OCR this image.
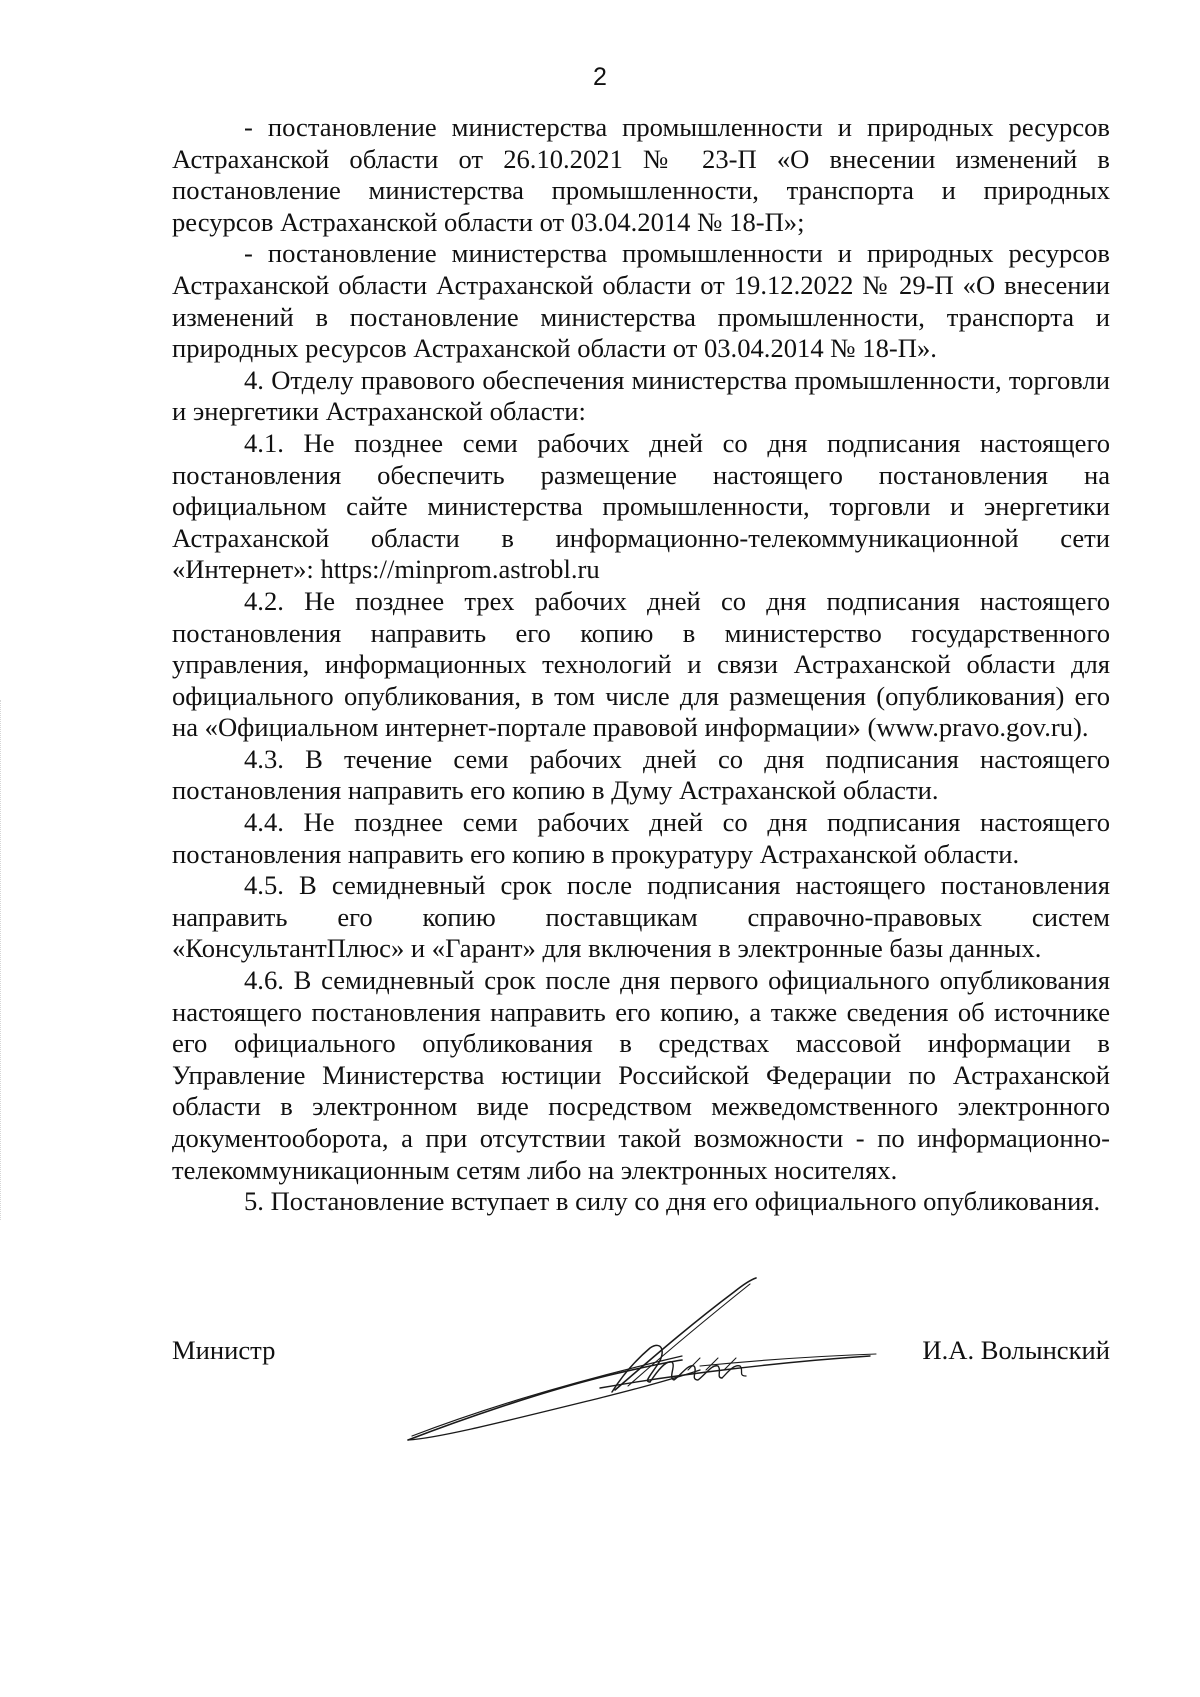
2

- постановление министерства промышленности и природных ресурсов Астраханской области от 26.10.2021 № 23-П «О внесении изменений в постановление министерства промышленности, транспорта и природных ресурсов Астраханской области от 03.04.2014 № 18-П»;

- постановление министерства промышленности и природных ресурсов Астраханской области Астраханской области от 19.12.2022 № 29-П «О внесении изменений в постановление министерства промышленности, транспорта и природных ресурсов Астраханской области от 03.04.2014 № 18-П».

4. Отделу правового обеспечения министерства промышленности, торговли и энергетики Астраханской области:

4.1. Не позднее семи рабочих дней со дня подписания настоящего постановления обеспечить размещение настоящего постановления на официальном сайте министерства промышленности, торговли и энергетики Астраханской области в информационно-телекоммуникационной сети «Интернет»: https://minprom.astrobl.ru

4.2. Не позднее трех рабочих дней со дня подписания настоящего постановления направить его копию в министерство государственного управления, информационных технологий и связи Астраханской области для официального опубликования, в том числе для размещения (опубликования) его на «Официальном интернет-портале правовой информации» (www.pravo.gov.ru).

4.3. В течение семи рабочих дней со дня подписания настоящего постановления направить его копию в Думу Астраханской области.

4.4. Не позднее семи рабочих дней со дня подписания настоящего постановления направить его копию в прокуратуру Астраханской области.

4.5. В семидневный срок после подписания настоящего постановления направить его копию поставщикам справочно-правовых систем «КонсультантПлюс» и «Гарант» для включения в электронные базы данных.

4.6. В семидневный срок после дня первого официального опубликования настоящего постановления направить его копию, а также сведения об источнике его официального опубликования в средствах массовой информации в Управление Министерства юстиции Российской Федерации по Астраханской области в электронном виде посредством межведомственного электронного документооборота, а при отсутствии такой возможности - по информационно-телекоммуникационным сетям либо на электронных носителях.

5. Постановление вступает в силу со дня его официального опубликования.

Министр	И.А. Волынский
